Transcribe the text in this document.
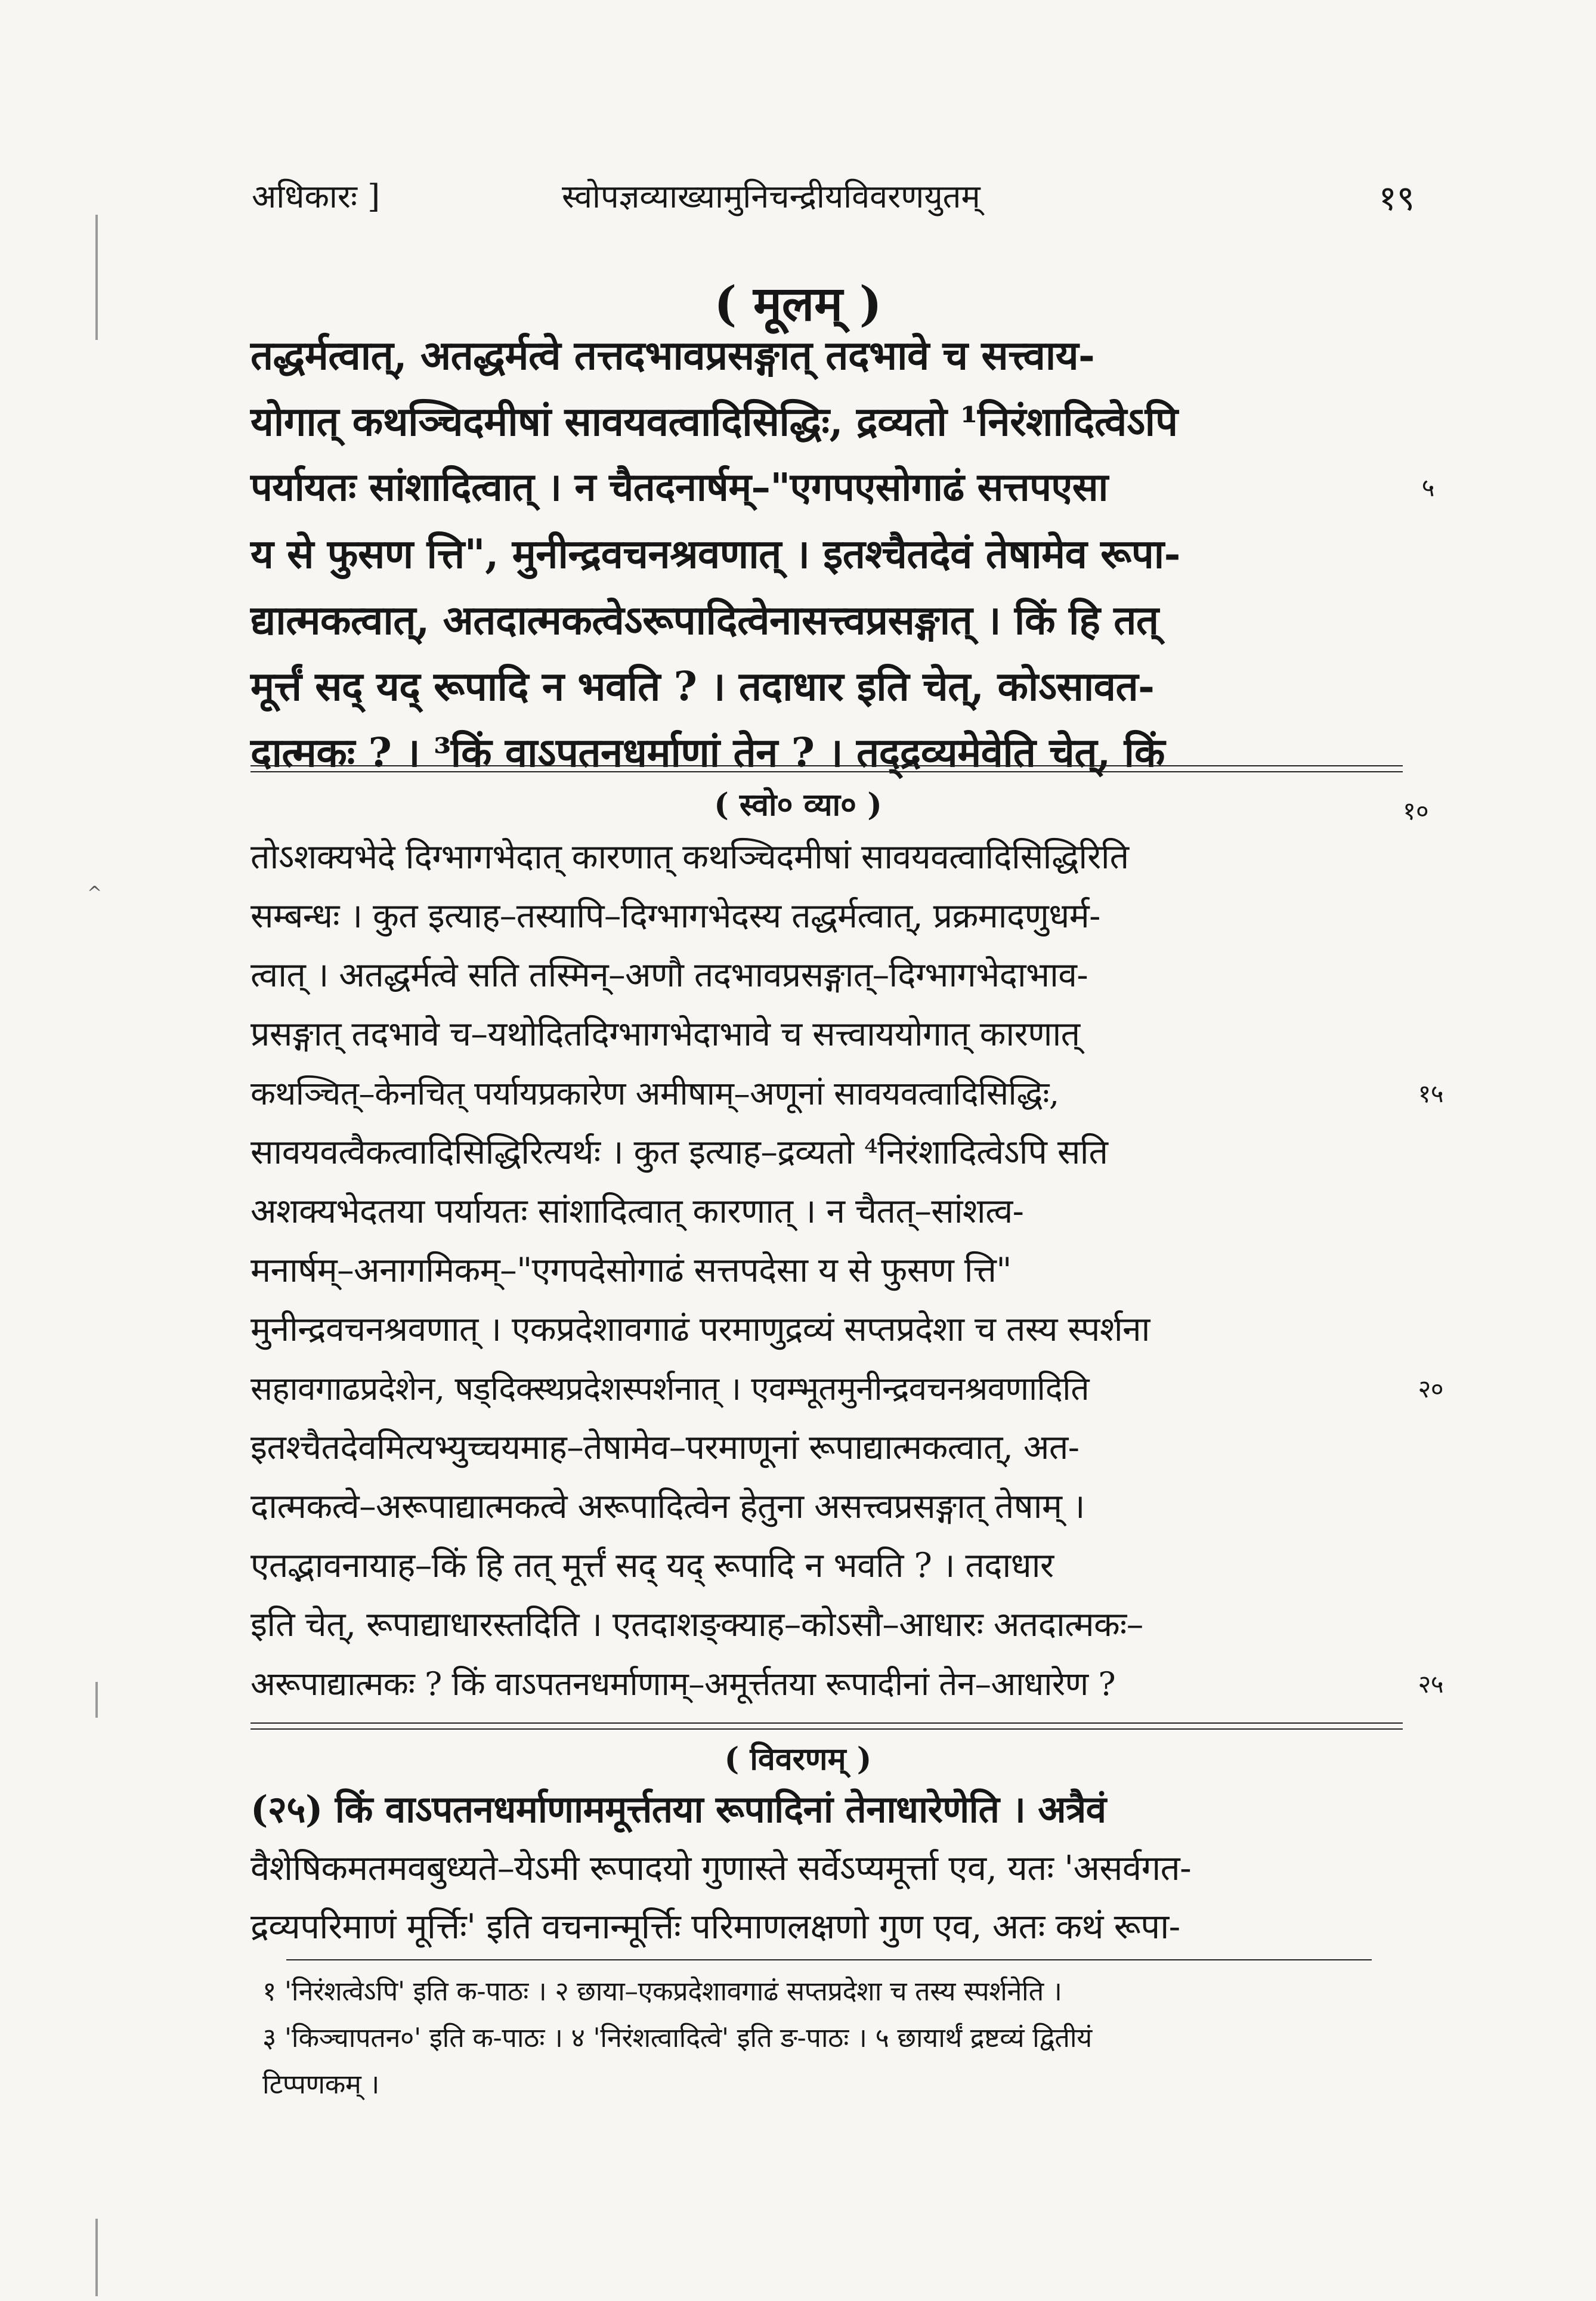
^
अधिकारः ]	स्वोपज्ञव्याख्यामुनिचन्द्रीयविवरणयुतम्	१९
( मूलम् )
तद्धर्मत्वात्, अतद्धर्मत्वे तत्तदभावप्रसङ्गात् तदभावे च सत्त्वाय-
योगात् कथञ्चिदमीषां सावयवत्वादिसिद्धिः, द्रव्यतो ¹निरंशादित्वेऽपि
पर्यायतः सांशादित्वात् । न चैतदनार्षम्–"एगपएसोगाढं सत्तपएसा	५
य से फुसण त्ति", मुनीन्द्रवचनश्रवणात् । इतश्चैतदेवं तेषामेव रूपा-
द्यात्मकत्वात्, अतदात्मकत्वेऽरूपादित्वेनासत्त्वप्रसङ्गात् । किं हि तत्
मूर्त्तं सद् यद् रूपादि न भवति ? । तदाधार इति चेत्, कोऽसावत-
दात्मकः ? । ³किं वाऽपतनधर्माणां तेन ? । तद्द्रव्यमेवेति चेत्, किं
( स्वो० व्या० )	१०
तोऽशक्यभेदे दिग्भागभेदात् कारणात् कथञ्चिदमीषां सावयवत्वादिसिद्धिरिति
सम्बन्धः । कुत इत्याह–तस्यापि–दिग्भागभेदस्य तद्धर्मत्वात्, प्रक्रमादणुधर्म-
त्वात् । अतद्धर्मत्वे सति तस्मिन्–अणौ तदभावप्रसङ्गात्–दिग्भागभेदाभाव-
प्रसङ्गात् तदभावे च–यथोदितदिग्भागभेदाभावे च सत्त्वाययोगात् कारणात्
कथञ्चित्–केनचित् पर्यायप्रकारेण अमीषाम्–अणूनां सावयवत्वादिसिद्धिः,	१५
सावयवत्वैकत्वादिसिद्धिरित्यर्थः । कुत इत्याह–द्रव्यतो ⁴निरंशादित्वेऽपि सति
अशक्यभेदतया पर्यायतः सांशादित्वात् कारणात् । न चैतत्–सांशत्व-
मनार्षम्–अनागमिकम्–"एगपदेसोगाढं सत्तपदेसा य से फुसण त्ति"
मुनीन्द्रवचनश्रवणात् । एकप्रदेशावगाढं परमाणुद्रव्यं सप्तप्रदेशा च तस्य स्पर्शना
सहावगाढप्रदेशेन, षड्दिक्स्थप्रदेशस्पर्शनात् । एवम्भूतमुनीन्द्रवचनश्रवणादिति	२०
इतश्चैतदेवमित्यभ्युच्चयमाह–तेषामेव–परमाणूनां रूपाद्यात्मकत्वात्, अत-
दात्मकत्वे–अरूपाद्यात्मकत्वे अरूपादित्वेन हेतुना असत्त्वप्रसङ्गात् तेषाम् ।
एतद्भावनायाह–किं हि तत् मूर्त्तं सद् यद् रूपादि न भवति ? । तदाधार
इति चेत्, रूपाद्याधारस्तदिति । एतदाशङ्क्याह–कोऽसौ–आधारः अतदात्मकः–
अरूपाद्यात्मकः ? किं वाऽपतनधर्माणाम्–अमूर्त्ततया रूपादीनां तेन–आधारेण ?	२५
( विवरणम् )
(२५) किं वाऽपतनधर्माणाममूर्त्ततया रूपादिनां तेनाधारेणेति । अत्रैवं
वैशेषिकमतमवबुध्यते–येऽमी रूपादयो गुणास्ते सर्वेऽप्यमूर्त्ता एव, यतः 'असर्वगत-
द्रव्यपरिमाणं मूर्त्तिः' इति वचनान्मूर्त्तिः परिमाणलक्षणो गुण एव, अतः कथं रूपा-
१ 'निरंशत्वेऽपि' इति क-पाठः । २ छाया–एकप्रदेशावगाढं सप्तप्रदेशा च तस्य स्पर्शनेति ।
३ 'किञ्चापतन०' इति क-पाठः । ४ 'निरंशत्वादित्वे' इति ङ-पाठः । ५ छायार्थं द्रष्टव्यं द्वितीयं
टिप्पणकम् ।
